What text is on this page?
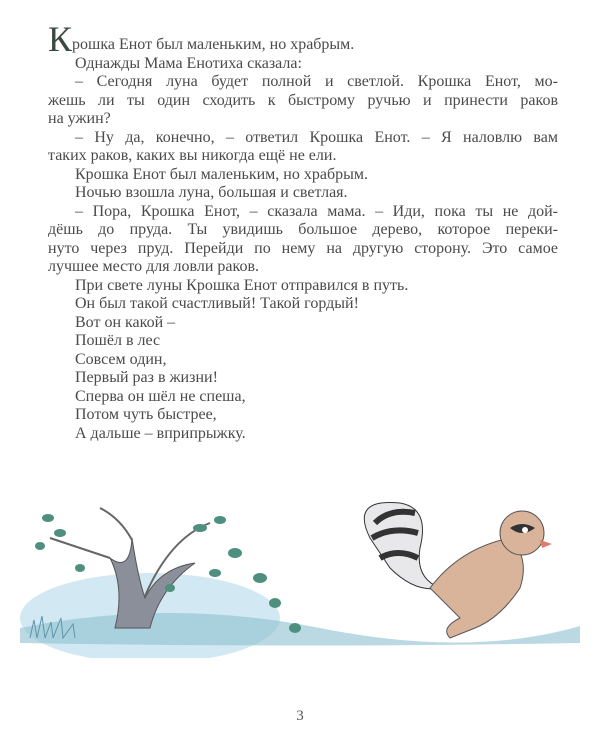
Крошка Енот был маленьким, но храбрым.
Однажды Мама Енотиха сказала:
– Сегодня луна будет полной и светлой. Крошка Енот, мо-
жешь ли ты один сходить к быстрому ручью и принести раков
на ужин?
– Ну да, конечно, – ответил Крошка Енот. – Я наловлю вам
таких раков, каких вы никогда ещё не ели.
Крошка Енот был маленьким, но храбрым.
Ночью взошла луна, большая и светлая.
– Пора, Крошка Енот, – сказала мама. – Иди, пока ты не дой-
дёшь до пруда. Ты увидишь большое дерево, которое переки-
нуто через пруд. Перейди по нему на другую сторону. Это самое
лучшее место для ловли раков.
При свете луны Крошка Енот отправился в путь.
Он был такой счастливый! Такой гордый!
Вот он какой –
Пошёл в лес
Совсем один,
Первый раз в жизни!
Сперва он шёл не спеша,
Потом чуть быстрее,
А дальше – вприпрыжку.
3
